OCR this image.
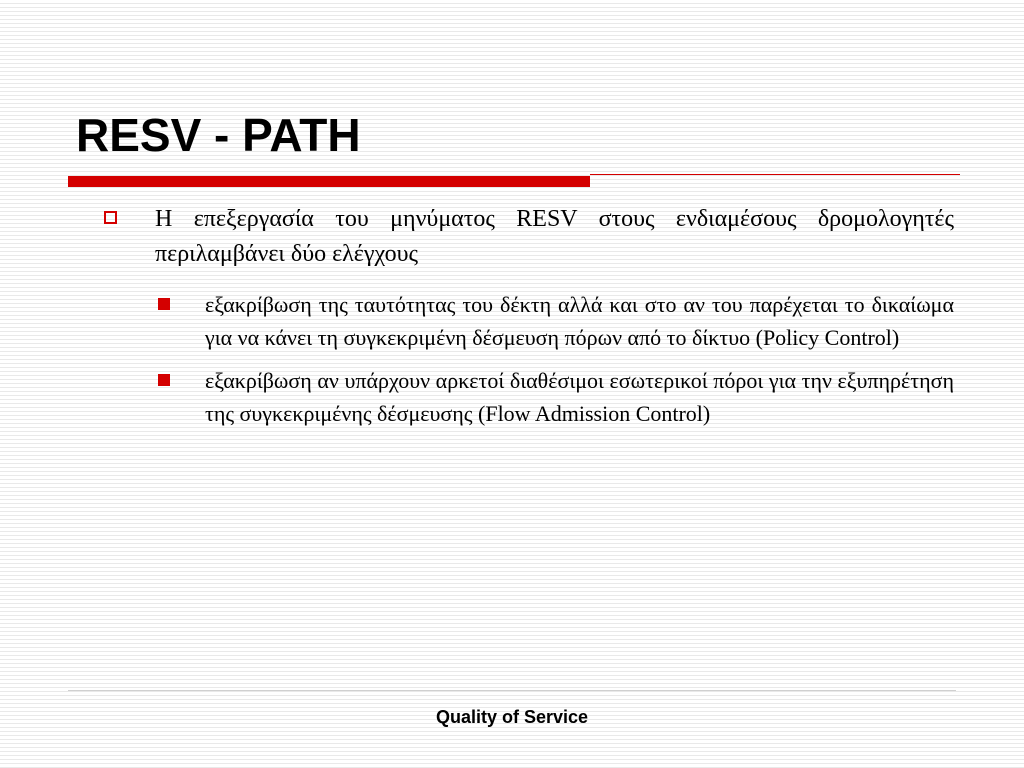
RESV - PATH
Η επεξεργασία του μηνύματος RESV στους ενδιαμέσους δρομολογητές περιλαμβάνει δύο ελέγχους
εξακρίβωση της ταυτότητας του δέκτη αλλά και στο αν του παρέχεται το δικαίωμα για να κάνει τη συγκεκριμένη δέσμευση πόρων από το δίκτυο (Policy Control)
εξακρίβωση αν υπάρχουν αρκετοί διαθέσιμοι εσωτερικοί πόροι για την εξυπηρέτηση της συγκεκριμένης δέσμευσης (Flow Admission Control)
Quality of Service
